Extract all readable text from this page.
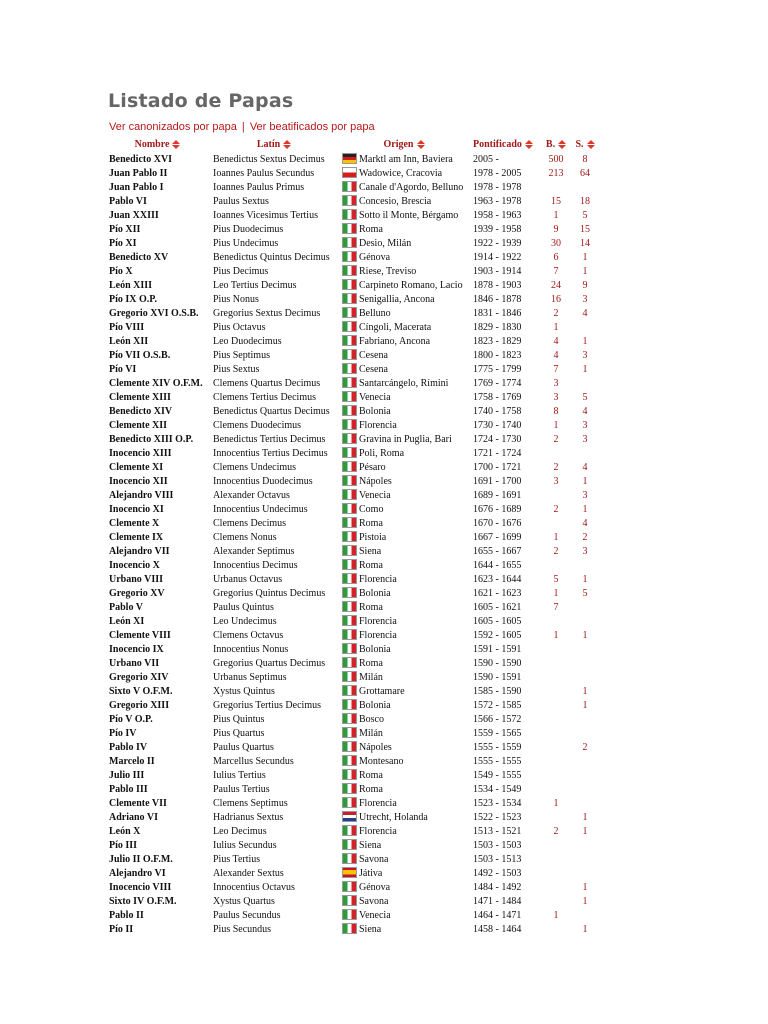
Listado de Papas
Ver canonizados por papa | Ver beatificados por papa
Nombre	Latín	Origen	Pontificado	B.	S.
Benedicto XVI	Benedictus Sextus Decimus	Marktl am Inn, Baviera	2005 -	500	8
Juan Pablo II	Ioannes Paulus Secundus	Wadowice, Cracovia	1978 - 2005	213	64
Juan Pablo I	Ioannes Paulus Primus	Canale d'Agordo, Belluno	1978 - 1978		
Pablo VI	Paulus Sextus	Concesio, Brescia	1963 - 1978	15	18
Juan XXIII	Ioannes Vicesimus Tertius	Sotto il Monte, Bérgamo	1958 - 1963	1	5
Pío XII	Pius Duodecimus	Roma	1939 - 1958	9	15
Pío XI	Pius Undecimus	Desio, Milán	1922 - 1939	30	14
Benedicto XV	Benedictus Quintus Decimus	Génova	1914 - 1922	6	1
Pío X	Pius Decimus	Riese, Treviso	1903 - 1914	7	1
León XIII	Leo Tertius Decimus	Carpineto Romano, Lacio	1878 - 1903	24	9
Pío IX O.P.	Pius Nonus	Senigallia, Ancona	1846 - 1878	16	3
Gregorio XVI O.S.B.	Gregorius Sextus Decimus	Belluno	1831 - 1846	2	4
Pío VIII	Pius Octavus	Cíngoli, Macerata	1829 - 1830	1	
León XII	Leo Duodecimus	Fabriano, Ancona	1823 - 1829	4	1
Pío VII O.S.B.	Pius Septimus	Cesena	1800 - 1823	4	3
Pío VI	Pius Sextus	Cesena	1775 - 1799	7	1
Clemente XIV O.F.M.	Clemens Quartus Decimus	Santarcángelo, Rímini	1769 - 1774	3	
Clemente XIII	Clemens Tertius Decimus	Venecia	1758 - 1769	3	5
Benedicto XIV	Benedictus Quartus Decimus	Bolonia	1740 - 1758	8	4
Clemente XII	Clemens Duodecimus	Florencia	1730 - 1740	1	3
Benedicto XIII O.P.	Benedictus Tertius Decimus	Gravina in Puglia, Bari	1724 - 1730	2	3
Inocencio XIII	Innocentius Tertius Decimus	Poli, Roma	1721 - 1724		
Clemente XI	Clemens Undecimus	Pésaro	1700 - 1721	2	4
Inocencio XII	Innocentius Duodecimus	Nápoles	1691 - 1700	3	1
Alejandro VIII	Alexander Octavus	Venecia	1689 - 1691		3
Inocencio XI	Innocentius Undecimus	Como	1676 - 1689	2	1
Clemente X	Clemens Decimus	Roma	1670 - 1676		4
Clemente IX	Clemens Nonus	Pistoia	1667 - 1699	1	2
Alejandro VII	Alexander Septimus	Siena	1655 - 1667	2	3
Inocencio X	Innocentius Decimus	Roma	1644 - 1655		
Urbano VIII	Urbanus Octavus	Florencia	1623 - 1644	5	1
Gregorio XV	Gregorius Quintus Decimus	Bolonia	1621 - 1623	1	5
Pablo V	Paulus Quintus	Roma	1605 - 1621	7	
León XI	Leo Undecimus	Florencia	1605 - 1605		
Clemente VIII	Clemens Octavus	Florencia	1592 - 1605	1	1
Inocencio IX	Innocentius Nonus	Bolonia	1591 - 1591		
Urbano VII	Gregorius Quartus Decimus	Roma	1590 - 1590		
Gregorio XIV	Urbanus Septimus	Milán	1590 - 1591		
Sixto V O.F.M.	Xystus Quintus	Grottamare	1585 - 1590		1
Gregorio XIII	Gregorius Tertius Decimus	Bolonia	1572 - 1585		1
Pío V O.P.	Pius Quintus	Bosco	1566 - 1572		
Pío IV	Pius Quartus	Milán	1559 - 1565		
Pablo IV	Paulus Quartus	Nápoles	1555 - 1559		2
Marcelo II	Marcellus Secundus	Montesano	1555 - 1555		
Julio III	Iulius Tertius	Roma	1549 - 1555		
Pablo III	Paulus Tertius	Roma	1534 - 1549		
Clemente VII	Clemens Septimus	Florencia	1523 - 1534	1	
Adriano VI	Hadrianus Sextus	Utrecht, Holanda	1522 - 1523		1
León X	Leo Decimus	Florencia	1513 - 1521	2	1
Pío III	Iulius Secundus	Siena	1503 - 1503		
Julio II O.F.M.	Pius Tertius	Savona	1503 - 1513		
Alejandro VI	Alexander Sextus	Játiva	1492 - 1503		
Inocencio VIII	Innocentius Octavus	Génova	1484 - 1492		1
Sixto IV O.F.M.	Xystus Quartus	Savona	1471 - 1484		1
Pablo II	Paulus Secundus	Venecia	1464 - 1471	1	
Pío II	Pius Secundus	Siena	1458 - 1464		1
